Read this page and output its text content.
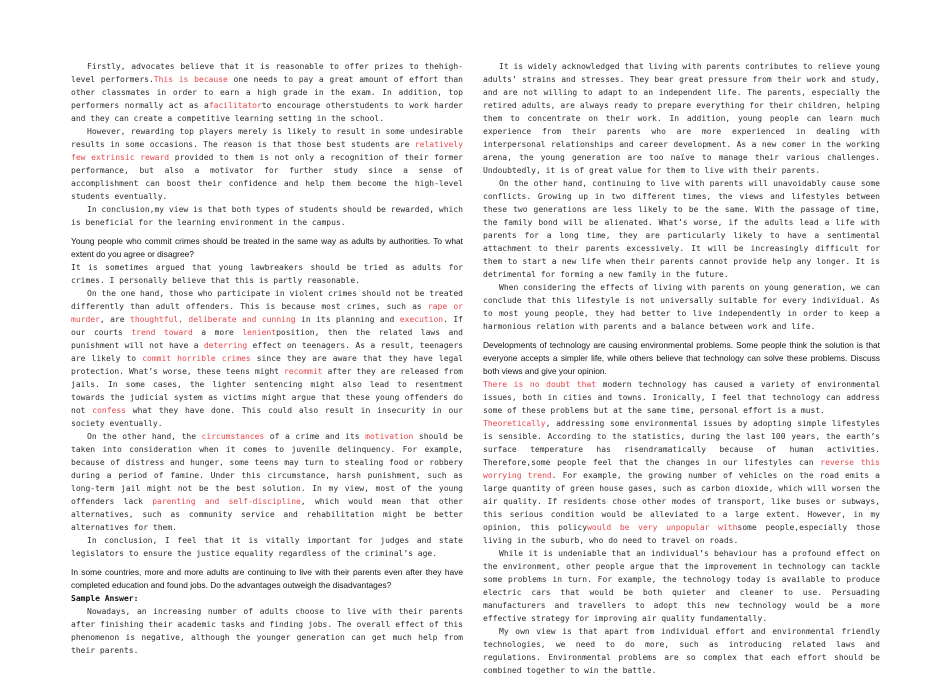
Firstly, advocates believe that it is reasonable to offer prizes to thehigh-level performers.This is because one needs to pay a great amount of effort than other classmates in order to earn a high grade in the exam. In addition, top performers normally act as afacilitatorto encourage otherstudents to work harder and they can create a competitive learning setting in the school.

However, rewarding top players merely is likely to result in some undesirable results in some occasions. The reason is that those best students are relatively few extrinsic reward provided to them is not only a recognition of their former performance, but also a motivator for further study since a sense of accomplishment can boost their confidence and help them become the high-level students eventually.

In conclusion,my view is that both types of students should be rewarded, which is beneficial for the learning environment in the campus.

Young people who commit crimes should be treated in the same way as adults by authorities. To what extent do you agree or disagree?

It is sometimes argued that young lawbreakers should be tried as adults for crimes. I personally believe that this is partly reasonable.

On the one hand, those who participate in violent crimes should not be treated differently than adult offenders. This is because most crimes, such as rape or murder, are thoughtful, deliberate and cunning in its planning and execution. If our courts trend toward a more lenientposition, then the related laws and punishment will not have a deterring effect on teenagers. As a result, teenagers are likely to commit horrible crimes since they are aware that they have legal protection. What’s worse, these teens might recommit after they are released from jails. In some cases, the lighter sentencing might also lead to resentment towards the judicial system as victims might argue that these young offenders do not confess what they have done. This could also result in insecurity in our society eventually.

On the other hand, the circumstances of a crime and its motivation should be taken into consideration when it comes to juvenile delinquency. For example, because of distress and hunger, some teens may turn to stealing food or robbery during a period of famine. Under this circumstance, harsh punishment, such as long-term jail might not be the best solution. In my view, most of the young offenders lack parenting and self-discipline, which would mean that other alternatives, such as community service and rehabilitation might be better alternatives for them.

In conclusion, I feel that it is vitally important for judges and state legislators to ensure the justice equality regardless of the criminal’s age.

In some countries, more and more adults are continuing to live with their parents even after they have completed education and found jobs. Do the advantages outweigh the disadvantages?

Sample Answer:

Nowadays, an increasing number of adults choose to live with their parents after finishing their academic tasks and finding jobs. The overall effect of this phenomenon is negative, although the younger generation can get much help from their parents.

It is widely acknowledged that living with parents contributes to relieve young adults’ strains and stresses. They bear great pressure from their work and study, and are not willing to adapt to an independent life. The parents, especially the retired adults, are always ready to prepare everything for their children, helping them to concentrate on their work. In addition, young people can learn much experience from their parents who are more experienced in dealing with interpersonal relationships and career development. As a new comer in the working arena, the young generation are too naïve to manage their various challenges. Undoubtedly, it is of great value for them to live with their parents.

On the other hand, continuing to live with parents will unavoidably cause some conflicts. Growing up in two different times, the views and lifestyles between these two generations are less likely to be the same. With the passage of time, the family bond will be alienated. What’s worse, if the adults lead a life with parents for a long time, they are particularly likely to have a sentimental attachment to their parents excessively. It will be increasingly difficult for them to start a new life when their parents cannot provide help any longer. It is detrimental for forming a new family in the future.

When considering the effects of living with parents on young generation, we can conclude that this lifestyle is not universally suitable for every individual. As to most young people, they had better to live independently in order to keep a harmonious relation with parents and a balance between work and life.

Developments of technology are causing environmental problems. Some people think the solution is that everyone accepts a simpler life, while others believe that technology can solve these problems. Discuss both views and give your opinion.

There is no doubt that modern technology has caused a variety of environmental issues, both in cities and towns. Ironically, I feel that technology can address some of these problems but at the same time, personal effort is a must.

Theoretically, addressing some environmental issues by adopting simple lifestyles is sensible. According to the statistics, during the last 100 years, the earth’s surface temperature has risendramatically because of human activities. Therefore,some people feel that the changes in our lifestyles can reverse this worrying trend. For example, the growing number of vehicles on the road emits a large quantity of green house gases, such as carbon dioxide, which will worsen the air quality. If residents chose other modes of transport, like buses or subways, this serious condition would be alleviated to a large extent. However, in my opinion, this policywould be very unpopular withsome people,especially those living in the suburb, who do need to travel on roads.

While it is undeniable that an individual’s behaviour has a profound effect on the environment, other people argue that the improvement in technology can tackle some problems in turn. For example, the technology today is available to produce electric cars that would be both quieter and cleaner to use. Persuading manufacturers and travellers to adopt this new technology would be a more effective strategy for improving air quality fundamentally.

My own view is that apart from individual effort and environmental friendly technologies, we need to do more, such as introducing related laws and regulations. Environmental problems are so complex that each effort should be combined together to win the battle.
